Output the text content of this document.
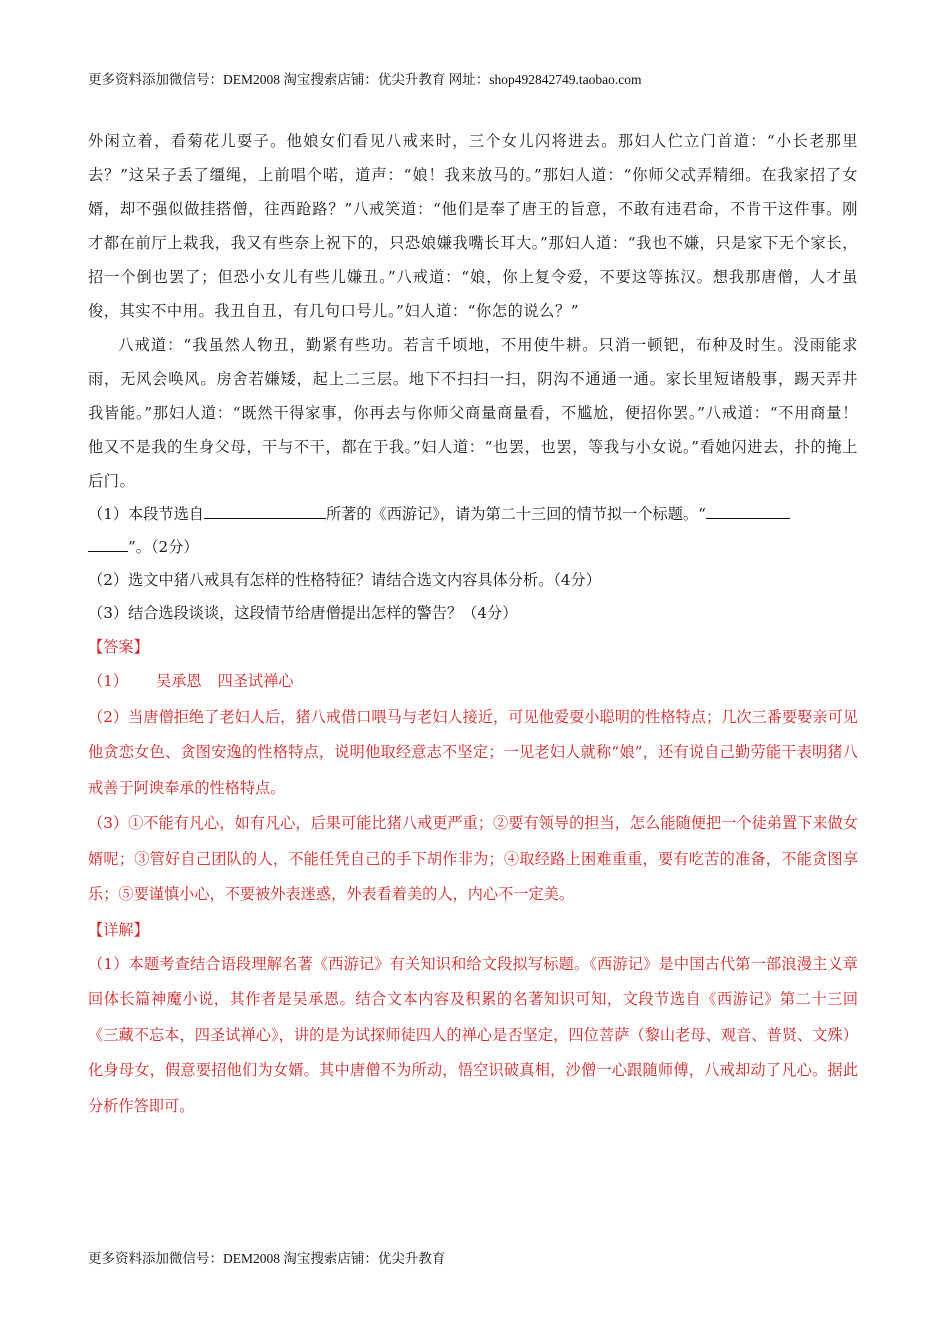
更多资料添加微信号：DEM2008 淘宝搜索店铺：优尖升教育 网址：shop492842749.taobao.com

外闲立着，看菊花儿耍子。他娘女们看见八戒来时，三个女儿闪将进去。那妇人伫立门首道：“小长老那里去？”这呆子丢了缰绳，上前唱个喏，道声：“娘！我来放马的。”那妇人道：“你师父忒弄精细。在我家招了女婿，却不强似做挂搭僧，往西跄路？”八戒笑道：“他们是奉了唐王的旨意，不敢有违君命，不肯干这件事。刚才都在前厅上栽我，我又有些奈上祝下的，只恐娘嫌我嘴长耳大。”那妇人道：“我也不嫌，只是家下无个家长，招一个倒也罢了；但恐小女儿有些儿嫌丑。”八戒道：“娘，你上复令爱，不要这等拣汉。想我那唐僧，人才虽俊，其实不中用。我丑自丑，有几句口号儿。”妇人道：“你怎的说么？”

八戒道：“我虽然人物丑，勤紧有些功。若言千顷地，不用使牛耕。只消一顿钯，布种及时生。没雨能求雨，无风会唤风。房舍若嫌矮，起上二三层。地下不扫扫一扫，阴沟不通通一通。家长里短诸般事，踢天弄井我皆能。”那妇人道：“既然干得家事，你再去与你师父商量商量看，不尴尬，便招你罢。”八戒道：“不用商量！他又不是我的生身父母，干与不干，都在于我。”妇人道：“也罢，也罢，等我与小女说。”看她闪进去，扑的掩上后门。

（1）本段节选自	所著的《西游记》，请为第二十三回的情节拟一个标题。“
”。（2分）

（2）选文中猪八戒具有怎样的性格特征？请结合选文内容具体分析。（4分）

（3）结合选段谈谈，这段情节给唐僧提出怎样的警告？（4分）

【答案】

（1） 吴承恩 四圣试禅心

（2）当唐僧拒绝了老妇人后，猪八戒借口喂马与老妇人接近，可见他爱耍小聪明的性格特点；几次三番要娶亲可见他贪恋女色、贪图安逸的性格特点，说明他取经意志不坚定；一见老妇人就称“娘”，还有说自己勤劳能干表明猪八戒善于阿谀奉承的性格特点。

（3）①不能有凡心，如有凡心，后果可能比猪八戒更严重；②要有领导的担当，怎么能随便把一个徒弟置下来做女婿呢；③管好自己团队的人，不能任凭自己的手下胡作非为；④取经路上困难重重，要有吃苦的准备，不能贪图享乐；⑤要谨慎小心，不要被外表迷惑，外表看着美的人，内心不一定美。

【详解】

（1）本题考查结合语段理解名著《西游记》有关知识和给文段拟写标题。《西游记》是中国古代第一部浪漫主义章回体长篇神魔小说，其作者是吴承恩。结合文本内容及积累的名著知识可知，文段节选自《西游记》第二十三回《三藏不忘本，四圣试禅心》，讲的是为试探师徒四人的禅心是否坚定，四位菩萨（黎山老母、观音、普贤、文殊）化身母女，假意要招他们为女婿。其中唐僧不为所动，悟空识破真相，沙僧一心跟随师傅，八戒却动了凡心。据此分析作答即可。

更多资料添加微信号：DEM2008 淘宝搜索店铺：优尖升教育
